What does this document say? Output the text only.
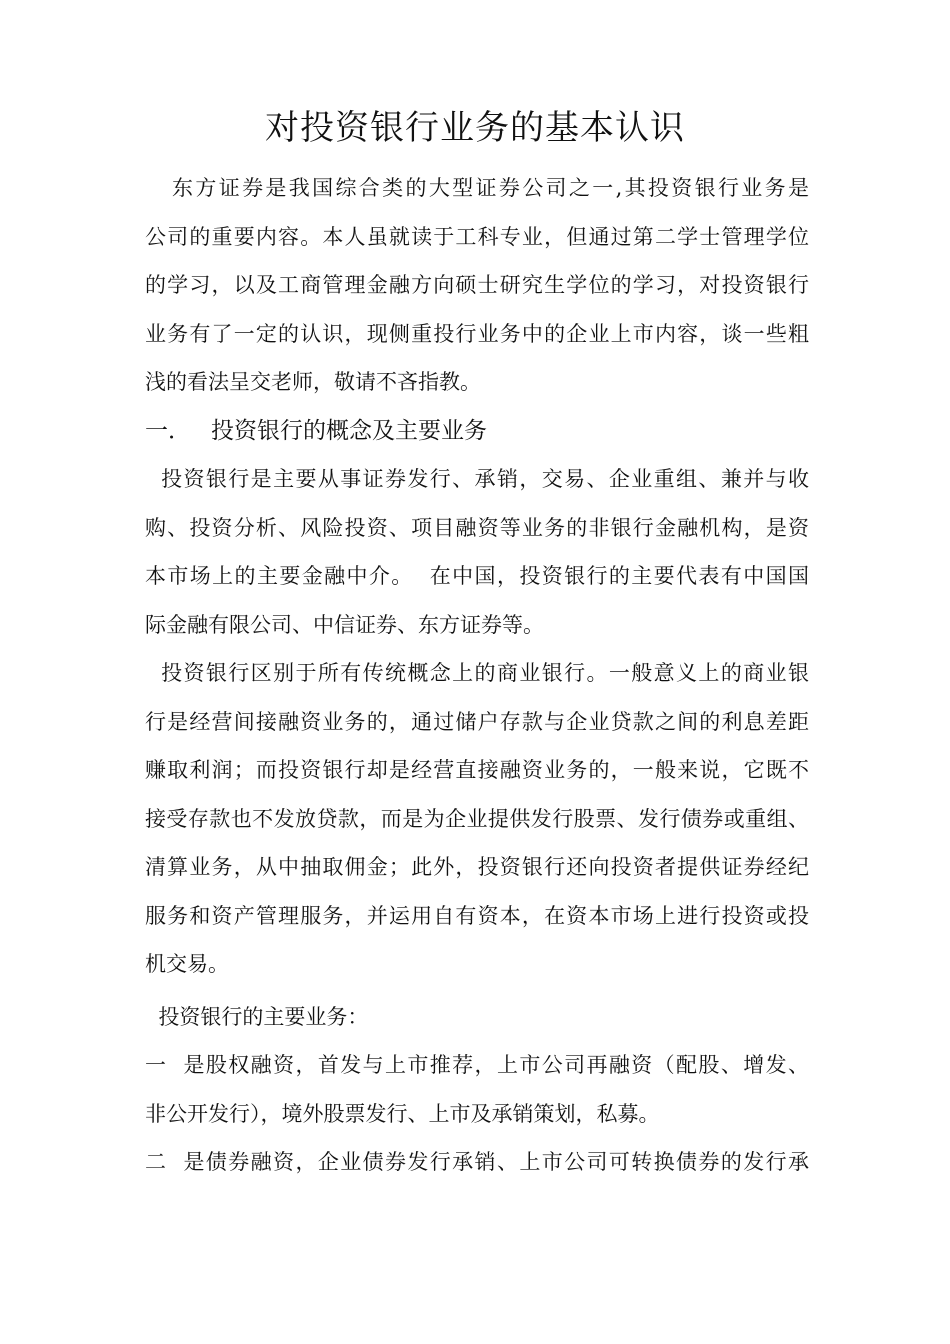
对投资银行业务的基本认识
东方证券是我国综合类的大型证券公司之一,其投资银行业务是
公司的重要内容。本人虽就读于工科专业，但通过第二学士管理学位
的学习，以及工商管理金融方向硕士研究生学位的学习，对投资银行
业务有了一定的认识，现侧重投行业务中的企业上市内容，谈一些粗
浅的看法呈交老师，敬请不吝指教。
一． 投资银行的概念及主要业务
投资银行是主要从事证券发行、承销，交易、企业重组、兼并与收
购、投资分析、风险投资、项目融资等业务的非银行金融机构，是资
本市场上的主要金融中介。  在中国，投资银行的主要代表有中国国
际金融有限公司、中信证券、东方证券等。
投资银行区别于所有传统概念上的商业银行。一般意义上的商业银
行是经营间接融资业务的，通过储户存款与企业贷款之间的利息差距
赚取利润；而投资银行却是经营直接融资业务的，一般来说，它既不
接受存款也不发放贷款，而是为企业提供发行股票、发行债券或重组、
清算业务，从中抽取佣金；此外，投资银行还向投资者提供证券经纪
服务和资产管理服务，并运用自有资本，在资本市场上进行投资或投
机交易。
投资银行的主要业务：
一  是股权融资，首发与上市推荐，上市公司再融资（配股、增发、
非公开发行），境外股票发行、上市及承销策划，私募。
二  是债券融资，企业债券发行承销、上市公司可转换债券的发行承
